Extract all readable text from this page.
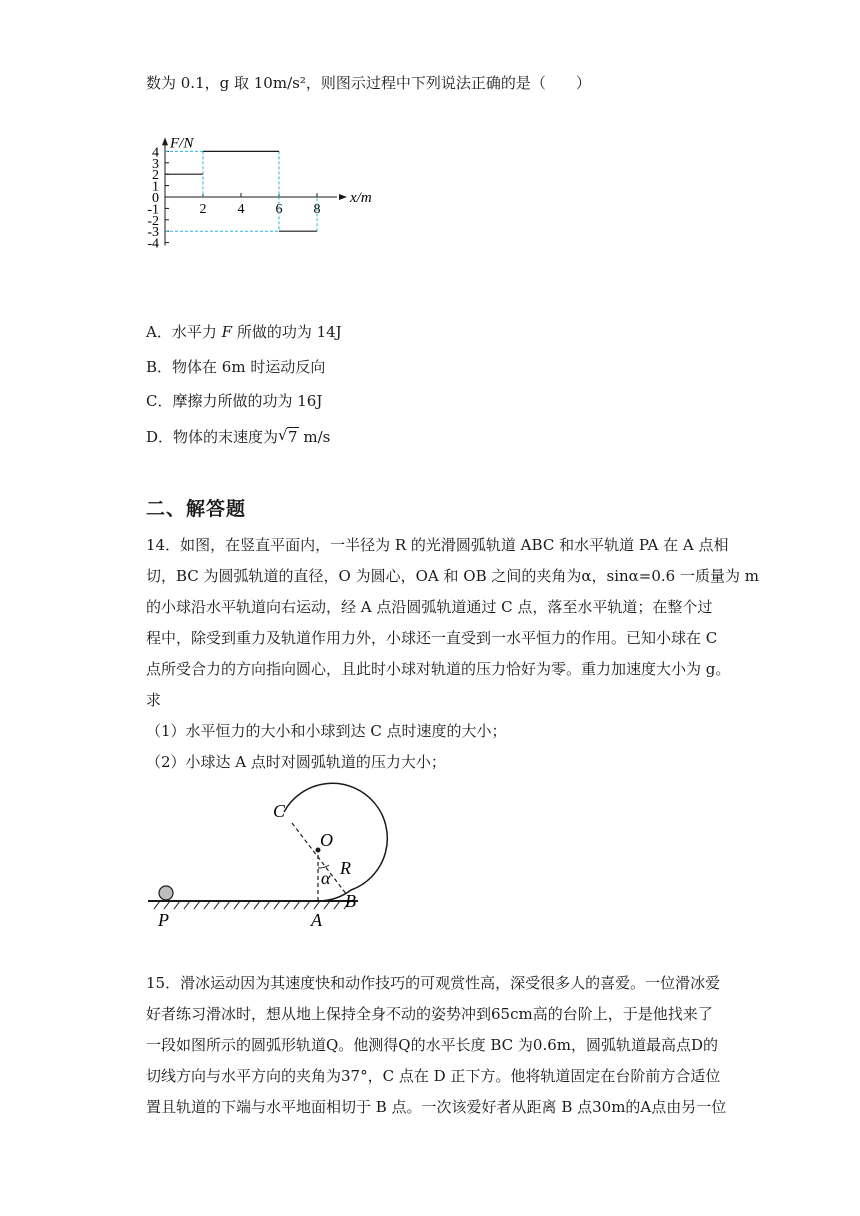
数为 0.1，g 取 10m/s²，则图示过程中下列说法正确的是（　　）
4
3
2
1
0
-1
-2
-3
-4
2 4 6 8
F/N
x/m
A．水平力 F 所做的功为 14J
B．物体在 6m 时运动反向
C．摩擦力所做的功为 16J
D．物体的末速度为 √ 7 m/s
二、解答题
14．如图，在竖直平面内，一半径为 R 的光滑圆弧轨道 ABC 和水平轨道 PA 在 A 点相
切，BC 为圆弧轨道的直径，O 为圆心，OA 和 OB 之间的夹角为α，sinα=0.6 一质量为 m
的小球沿水平轨道向右运动，经 A 点沿圆弧轨道通过 C 点，落至水平轨道；在整个过
程中，除受到重力及轨道作用力外，小球还一直受到一水平恒力的作用。已知小球在 C
点所受合力的方向指向圆心，且此时小球对轨道的压力恰好为零。重力加速度大小为 g。
求
（1）水平恒力的大小和小球到达 C 点时速度的大小；
（2）小球达 A 点时对圆弧轨道的压力大小；
C
O
R
α
B
P	A
15．滑冰运动因为其速度快和动作技巧的可观赏性高，深受很多人的喜爱。一位滑冰爱
好者练习滑冰时，想从地上保持全身不动的姿势冲到65cm高的台阶上，于是他找来了
一段如图所示的圆弧形轨道Q。他测得Q的水平长度 BC 为0.6m，圆弧轨道最高点D的
切线方向与水平方向的夹角为37°，C 点在 D 正下方。他将轨道固定在台阶前方合适位
置且轨道的下端与水平地面相切于 B 点。一次该爱好者从距离 B 点30m的A点由另一位
